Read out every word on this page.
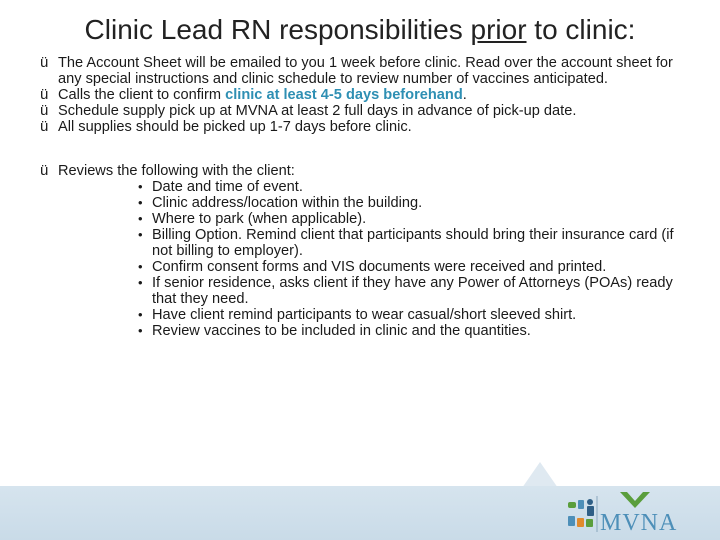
Clinic Lead RN responsibilities prior to clinic:
ü The Account Sheet will be emailed to you 1 week before clinic. Read over the account sheet for any special instructions and clinic schedule to review number of vaccines anticipated.
ü Calls the client to confirm clinic at least 4-5 days beforehand.
ü Schedule supply pick up at MVNA at least 2 full days in advance of pick-up date.
ü All supplies should be picked up 1-7 days before clinic.
ü Reviews the following with the client:
• Date and time of event.
• Clinic address/location within the building.
• Where to park (when applicable).
• Billing Option. Remind client that participants should bring their insurance card (if not billing to employer).
• Confirm consent forms and VIS documents were received and printed.
• If senior residence, asks client if they have any Power of Attorneys (POAs) ready that they need.
• Have client remind participants to wear casual/short sleeved shirt.
• Review vaccines to be included in clinic and the quantities.
MVNA
